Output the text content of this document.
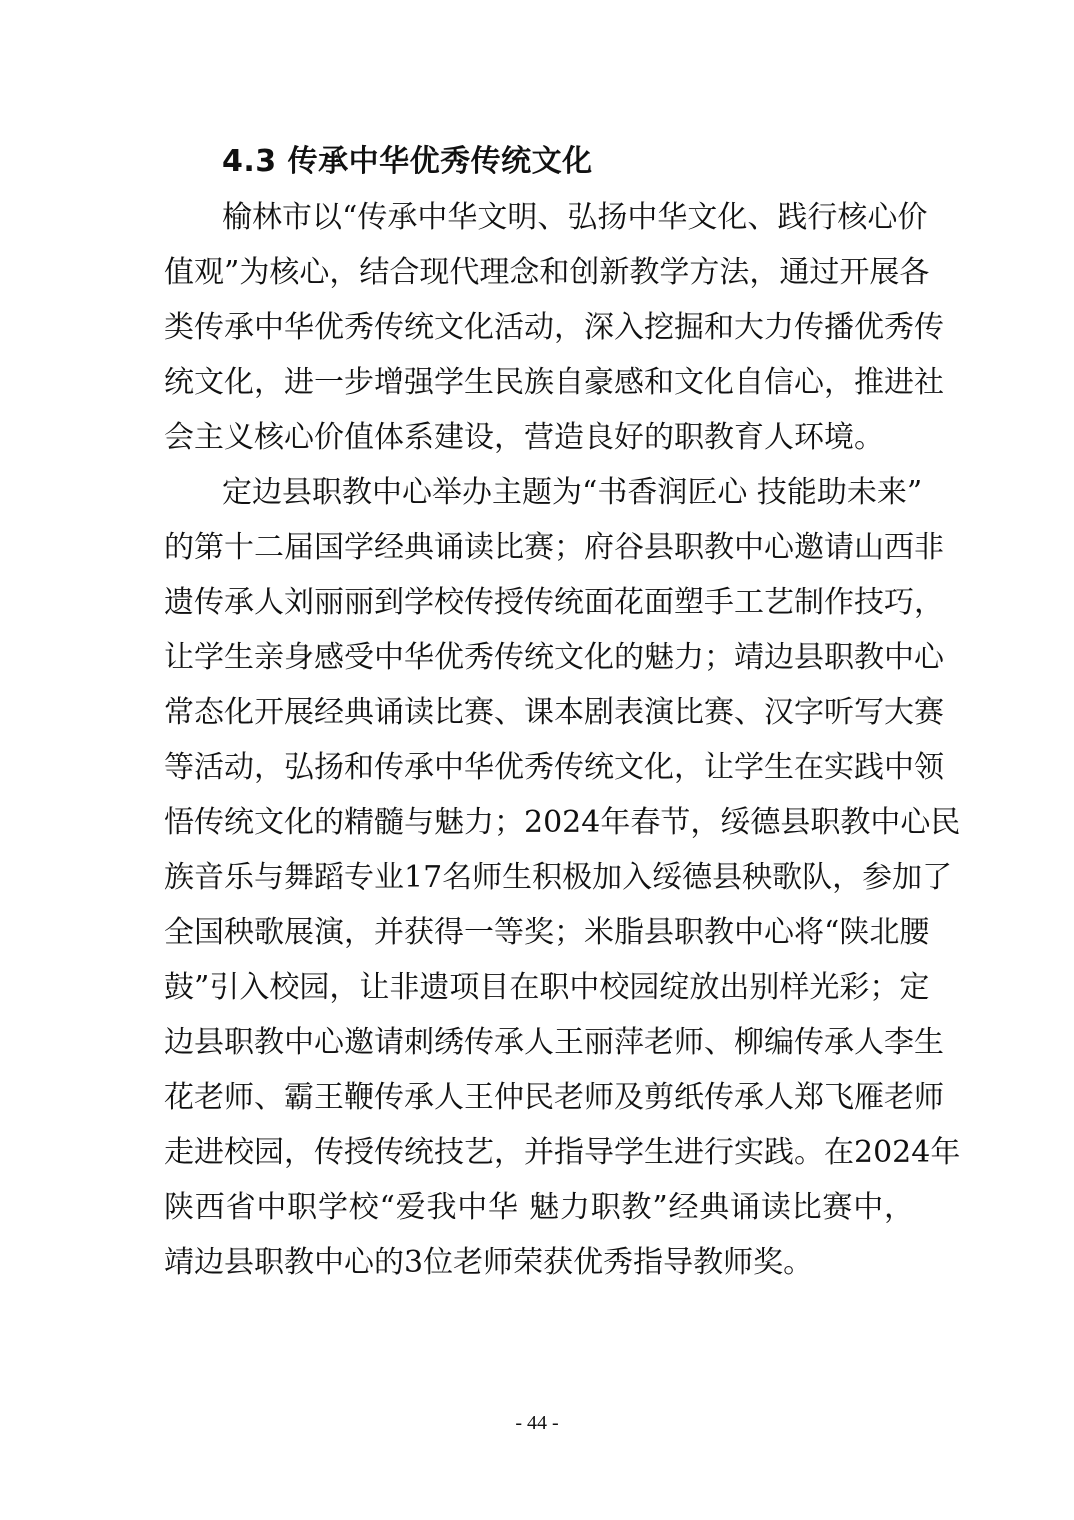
4.3 传承中华优秀传统文化
榆林市以“传承中华文明、弘扬中华文化、践行核心价
值观”为核心，结合现代理念和创新教学方法，通过开展各
类传承中华优秀传统文化活动，深入挖掘和大力传播优秀传
统文化，进一步增强学生民族自豪感和文化自信心，推进社
会主义核心价值体系建设，营造良好的职教育人环境。
定边县职教中心举办主题为“书香润匠心 技能助未来”
的第十二届国学经典诵读比赛；府谷县职教中心邀请山西非
遗传承人刘丽丽到学校传授传统面花面塑手工艺制作技巧，
让学生亲身感受中华优秀传统文化的魅力；靖边县职教中心
常态化开展经典诵读比赛、课本剧表演比赛、汉字听写大赛
等活动，弘扬和传承中华优秀传统文化，让学生在实践中领
悟传统文化的精髓与魅力；2024年春节，绥德县职教中心民
族音乐与舞蹈专业17名师生积极加入绥德县秧歌队，参加了
全国秧歌展演，并获得一等奖；米脂县职教中心将“陕北腰
鼓”引入校园，让非遗项目在职中校园绽放出别样光彩；定
边县职教中心邀请刺绣传承人王丽萍老师、柳编传承人李生
花老师、霸王鞭传承人王仲民老师及剪纸传承人郑飞雁老师
走进校园，传授传统技艺，并指导学生进行实践。在2024年
陕西省中职学校“爱我中华 魅力职教”经典诵读比赛中，
靖边县职教中心的3位老师荣获优秀指导教师奖。
- 44 -
